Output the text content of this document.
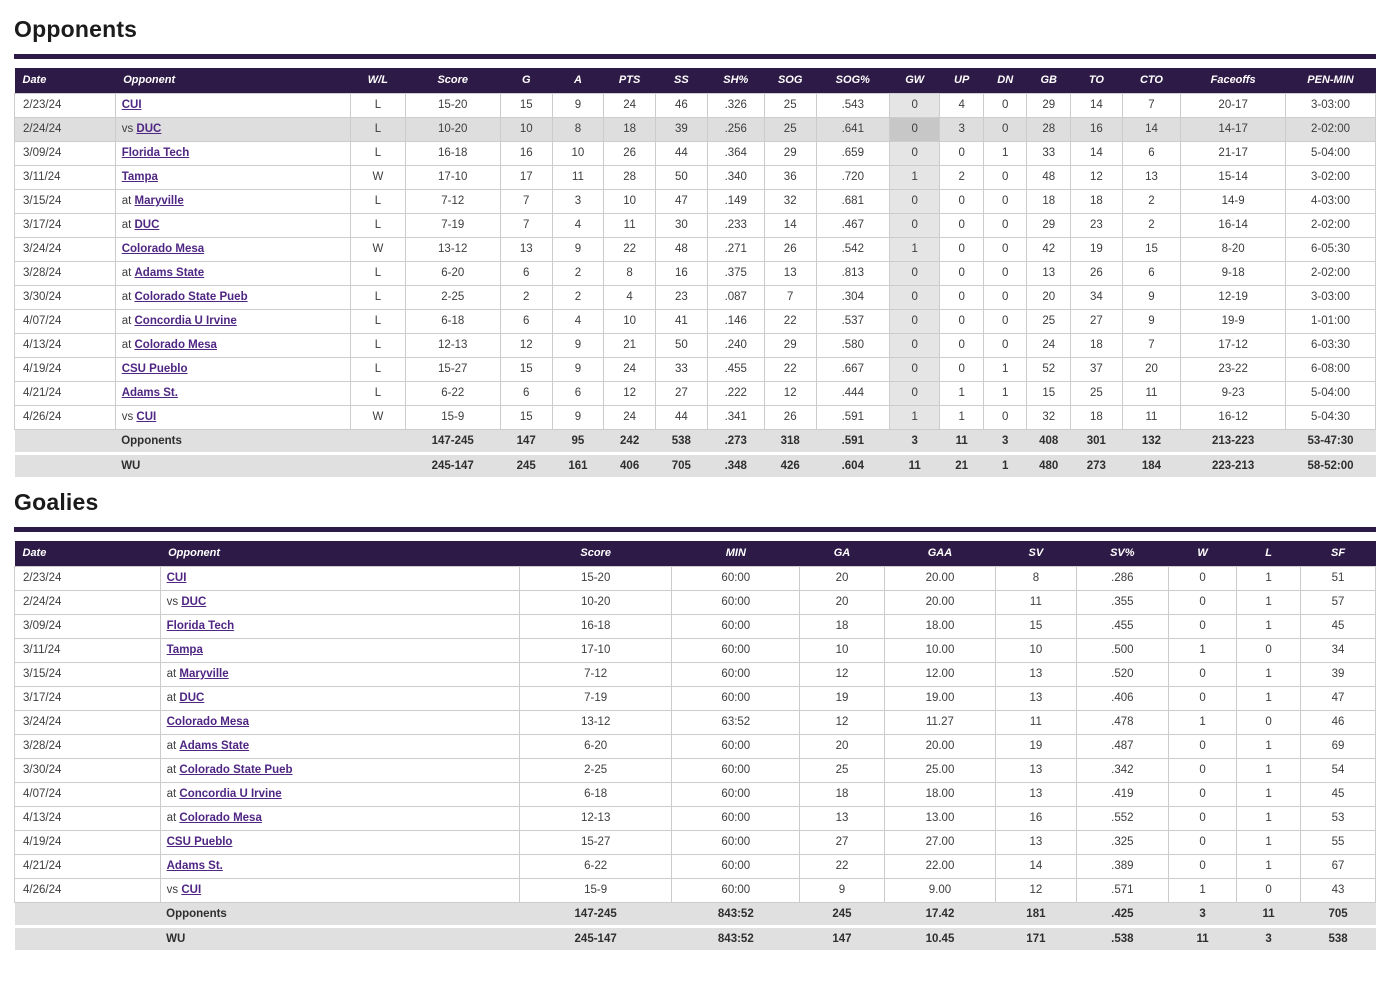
Opponents
Date	Opponent	W/L	Score	G	A	PTS	SS	SH%	SOG	SOG%	GW	UP	DN	GB	TO	CTO	Faceoffs	PEN-MIN
2/23/24	CUI	L	15-20	15	9	24	46	.326	25	.543	0	4	0	29	14	7	20-17	3-03:00
2/24/24	vs DUC	L	10-20	10	8	18	39	.256	25	.641	0	3	0	28	16	14	14-17	2-02:00
3/09/24	Florida Tech	L	16-18	16	10	26	44	.364	29	.659	0	0	1	33	14	6	21-17	5-04:00
3/11/24	Tampa	W	17-10	17	11	28	50	.340	36	.720	1	2	0	48	12	13	15-14	3-02:00
3/15/24	at Maryville	L	7-12	7	3	10	47	.149	32	.681	0	0	0	18	18	2	14-9	4-03:00
3/17/24	at DUC	L	7-19	7	4	11	30	.233	14	.467	0	0	0	29	23	2	16-14	2-02:00
3/24/24	Colorado Mesa	W	13-12	13	9	22	48	.271	26	.542	1	0	0	42	19	15	8-20	6-05:30
3/28/24	at Adams State	L	6-20	6	2	8	16	.375	13	.813	0	0	0	13	26	6	9-18	2-02:00
3/30/24	at Colorado State Pueb	L	2-25	2	2	4	23	.087	7	.304	0	0	0	20	34	9	12-19	3-03:00
4/07/24	at Concordia U Irvine	L	6-18	6	4	10	41	.146	22	.537	0	0	0	25	27	9	19-9	1-01:00
4/13/24	at Colorado Mesa	L	12-13	12	9	21	50	.240	29	.580	0	0	0	24	18	7	17-12	6-03:30
4/19/24	CSU Pueblo	L	15-27	15	9	24	33	.455	22	.667	0	0	1	52	37	20	23-22	6-08:00
4/21/24	Adams St.	L	6-22	6	6	12	27	.222	12	.444	0	1	1	15	25	11	9-23	5-04:00
4/26/24	vs CUI	W	15-9	15	9	24	44	.341	26	.591	1	1	0	32	18	11	16-12	5-04:30
	Opponents		147-245	147	95	242	538	.273	318	.591	3	11	3	408	301	132	213-223	53-47:30
	WU		245-147	245	161	406	705	.348	426	.604	11	21	1	480	273	184	223-213	58-52:00
Goalies
Date	Opponent	Score	MIN	GA	GAA	SV	SV%	W	L	SF
2/23/24	CUI	15-20	60:00	20	20.00	8	.286	0	1	51
2/24/24	vs DUC	10-20	60:00	20	20.00	11	.355	0	1	57
3/09/24	Florida Tech	16-18	60:00	18	18.00	15	.455	0	1	45
3/11/24	Tampa	17-10	60:00	10	10.00	10	.500	1	0	34
3/15/24	at Maryville	7-12	60:00	12	12.00	13	.520	0	1	39
3/17/24	at DUC	7-19	60:00	19	19.00	13	.406	0	1	47
3/24/24	Colorado Mesa	13-12	63:52	12	11.27	11	.478	1	0	46
3/28/24	at Adams State	6-20	60:00	20	20.00	19	.487	0	1	69
3/30/24	at Colorado State Pueb	2-25	60:00	25	25.00	13	.342	0	1	54
4/07/24	at Concordia U Irvine	6-18	60:00	18	18.00	13	.419	0	1	45
4/13/24	at Colorado Mesa	12-13	60:00	13	13.00	16	.552	0	1	53
4/19/24	CSU Pueblo	15-27	60:00	27	27.00	13	.325	0	1	55
4/21/24	Adams St.	6-22	60:00	22	22.00	14	.389	0	1	67
4/26/24	vs CUI	15-9	60:00	9	9.00	12	.571	1	0	43
	Opponents	147-245	843:52	245	17.42	181	.425	3	11	705
	WU	245-147	843:52	147	10.45	171	.538	11	3	538
